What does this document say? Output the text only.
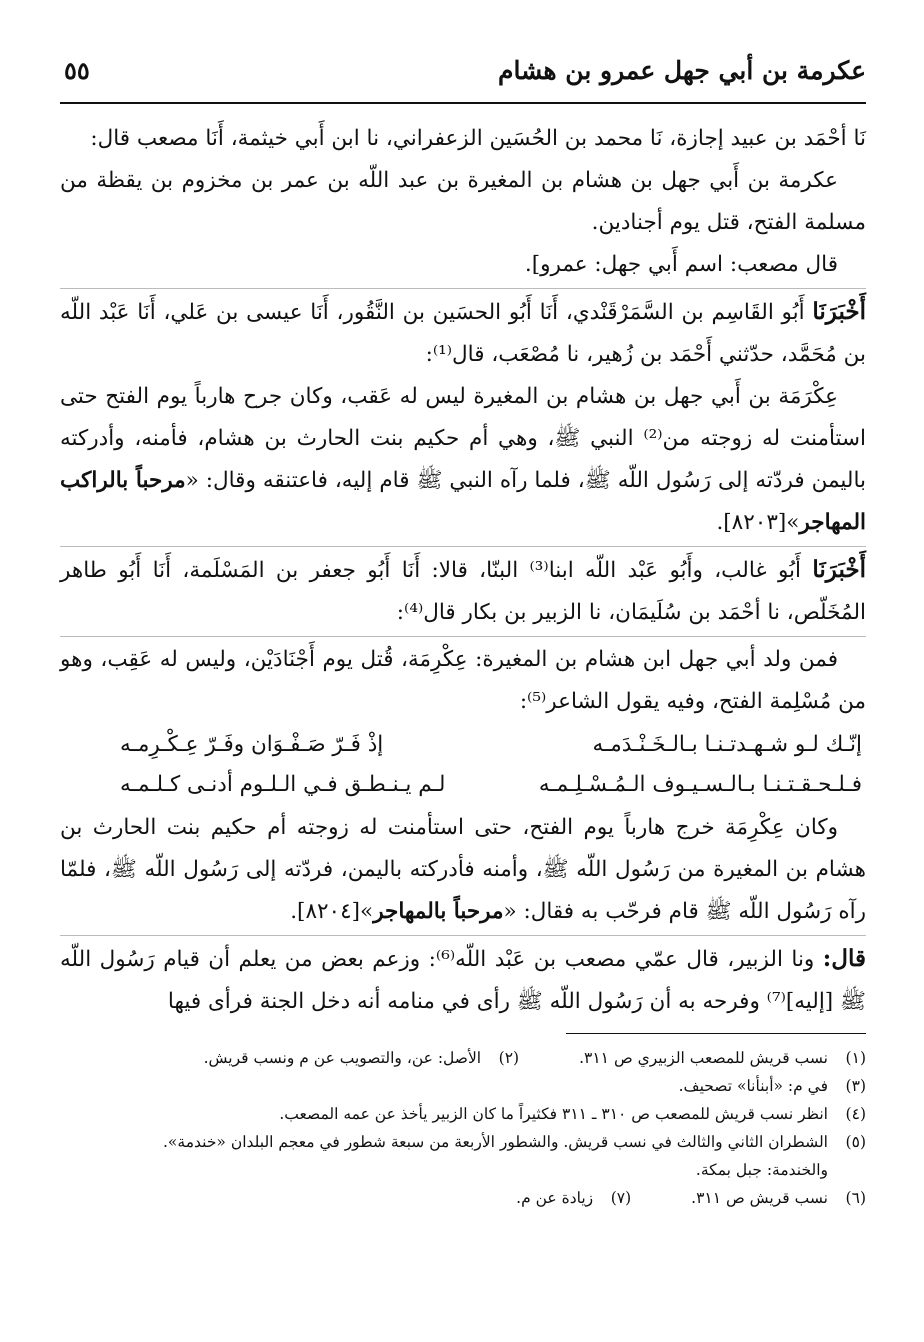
عكرمة بن أبي جهل عمرو بن هشام
٥٥

نَا أحْمَد بن عبيد إجازة، نَا محمد بن الحُسَين الزعفراني، نا ابن أَبي خيثمة، أَنَا مصعب قال:

عكرمة بن أَبي جهل بن هشام بن المغيرة بن عبد اللّه بن عمر بن مخزوم بن يقظة من مسلمة الفتح، قتل يوم أجنادين.

قال مصعب: اسم أَبي جهل: عمرو].

أَخْبَرَنَا أَبُو القَاسِم بن السَّمَرْقَنْدي، أَنَا أَبُو الحسَين بن النَّقُور، أَنَا عيسى بن عَلي، أَنَا عَبْد اللّه بن مُحَمَّد، حدّثني أَحْمَد بن زُهير، نا مُصْعَب، قال⁽¹⁾:

عِكْرَمَة بن أَبي جهل بن هشام بن المغيرة ليس له عَقب، وكان جرح هارباً يوم الفتح حتى استأمنت له زوجته من⁽²⁾ النبي ﷺ، وهي أم حكيم بنت الحارث بن هشام، فأمنه، وأدركته باليمن فردّته إلى رَسُول اللّه ﷺ، فلما رآه النبي ﷺ قام إليه، فاعتنقه وقال: «مرحباً بالراكب المهاجر»[٨٢٠٣].

أَخْبَرَنَا أَبُو غالب، وأَبُو عَبْد اللّه ابنا⁽³⁾ البنّا، قالا: أَنَا أَبُو جعفر بن المَسْلَمة، أَنَا أَبُو طاهر المُخَلّص، نا أحْمَد بن سُلَيمَان، نا الزبير بن بكار قال⁽⁴⁾:

فمن ولد أبي جهل ابن هشام بن المغيرة: عِكْرِمَة، قُتل يوم أَجْنَادَيْن، وليس له عَقِب، وهو من مُسْلِمة الفتح، وفيه يقول الشاعر⁽⁵⁾:

إنّـك لـو شـهـدتـنـا بـالـخَـنْـدَمـه
إذْ فَـرّ صَـفْـوَان وفَـرّ عِـكْـرِمـه
فـلـحـقـتـنـا بـالـسـيـوف الـمُـسْـلِـمـه
لـم يـنـطـق فـي الـلـوم أدنـى كـلـمـه

وكان عِكْرِمَة خرج هارباً يوم الفتح، حتى استأمنت له زوجته أم حكيم بنت الحارث بن هشام بن المغيرة من رَسُول اللّه ﷺ، وأمنه فأدركته باليمن، فردّته إلى رَسُول اللّه ﷺ، فلمّا رآه رَسُول اللّه ﷺ قام فرحّب به فقال: «مرحباً بالمهاجر»[٨٢٠٤].

قال: ونا الزبير، قال عمّي مصعب بن عَبْد اللّه⁽⁶⁾: وزعم بعض من يعلم أن قيام رَسُول اللّه ﷺ [إليه]⁽⁷⁾ وفرحه به أن رَسُول اللّه ﷺ رأى في منامه أنه دخل الجنة فرأى فيها

(١)
نسب قريش للمصعب الزبيري ص ٣١١.
(٢)
الأصل: عن، والتصويب عن م ونسب قريش.
(٣)
في م: «أبنأنا» تصحيف.
(٤)
انظر نسب قريش للمصعب ص ٣١٠ ـ ٣١١ فكثيراً ما كان الزبير يأخذ عن عمه المصعب.
(٥)
الشطران الثاني والثالث في نسب قريش. والشطور الأربعة من سبعة شطور في معجم البلدان «خندمة».
والخندمة: جبل بمكة.
(٦)
نسب قريش ص ٣١١.
(٧)
زيادة عن م.
